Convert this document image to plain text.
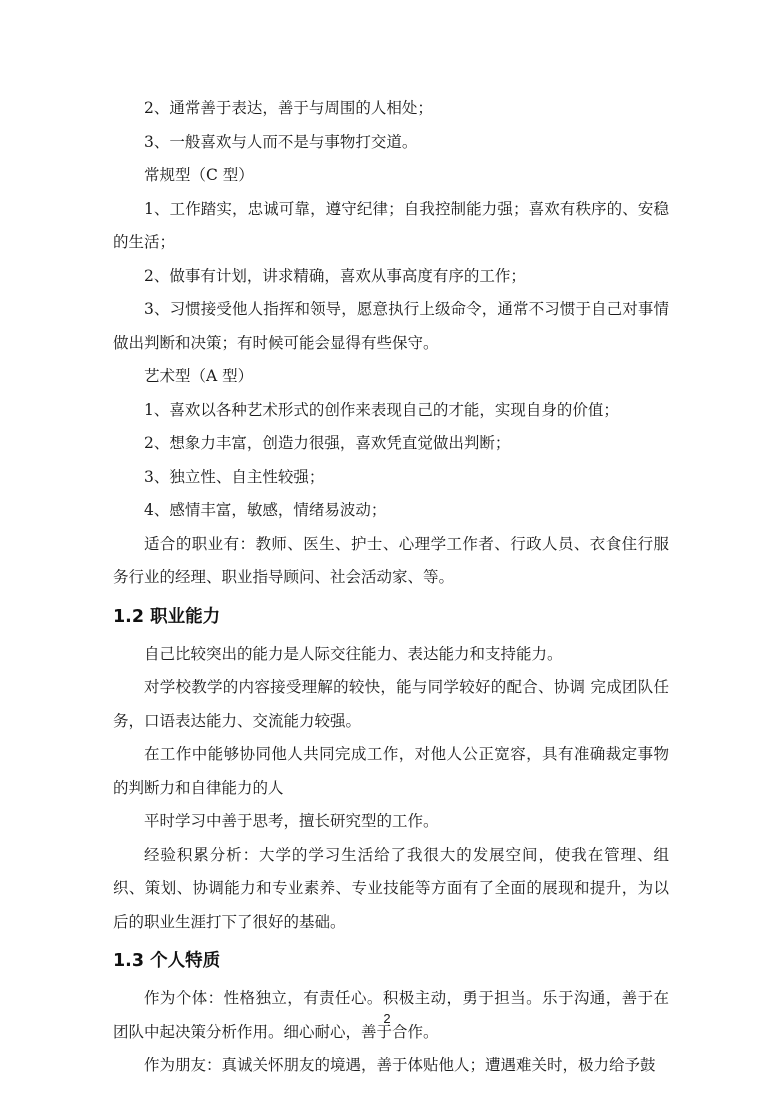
2、通常善于表达，善于与周围的人相处；

3、一般喜欢与人而不是与事物打交道。

常规型（C 型）

1、工作踏实，忠诚可靠，遵守纪律；自我控制能力强；喜欢有秩序的、安稳的生活；

2、做事有计划，讲求精确，喜欢从事高度有序的工作；

3、习惯接受他人指挥和领导，愿意执行上级命令，通常不习惯于自己对事情做出判断和决策；有时候可能会显得有些保守。

艺术型（A 型）

1、喜欢以各种艺术形式的创作来表现自己的才能，实现自身的价值；

2、想象力丰富，创造力很强，喜欢凭直觉做出判断；

3、独立性、自主性较强；

4、感情丰富，敏感，情绪易波动；

适合的职业有：教师、医生、护士、心理学工作者、行政人员、衣食住行服务行业的经理、职业指导顾问、社会活动家、等。

1.2 职业能力

自己比较突出的能力是人际交往能力、表达能力和支持能力。

对学校教学的内容接受理解的较快，能与同学较好的配合、协调 完成团队任务，口语表达能力、交流能力较强。

在工作中能够协同他人共同完成工作，对他人公正宽容，具有准确裁定事物的判断力和自律能力的人

平时学习中善于思考，擅长研究型的工作。

经验积累分析：大学的学习生活给了我很大的发展空间，使我在管理、组织、策划、协调能力和专业素养、专业技能等方面有了全面的展现和提升，为以后的职业生涯打下了很好的基础。

1.3 个人特质

作为个体：性格独立，有责任心。积极主动，勇于担当。乐于沟通，善于在团队中起决策分析作用。细心耐心，善于合作。

作为朋友：真诚关怀朋友的境遇，善于体贴他人；遭遇难关时，极力给予鼓

2
